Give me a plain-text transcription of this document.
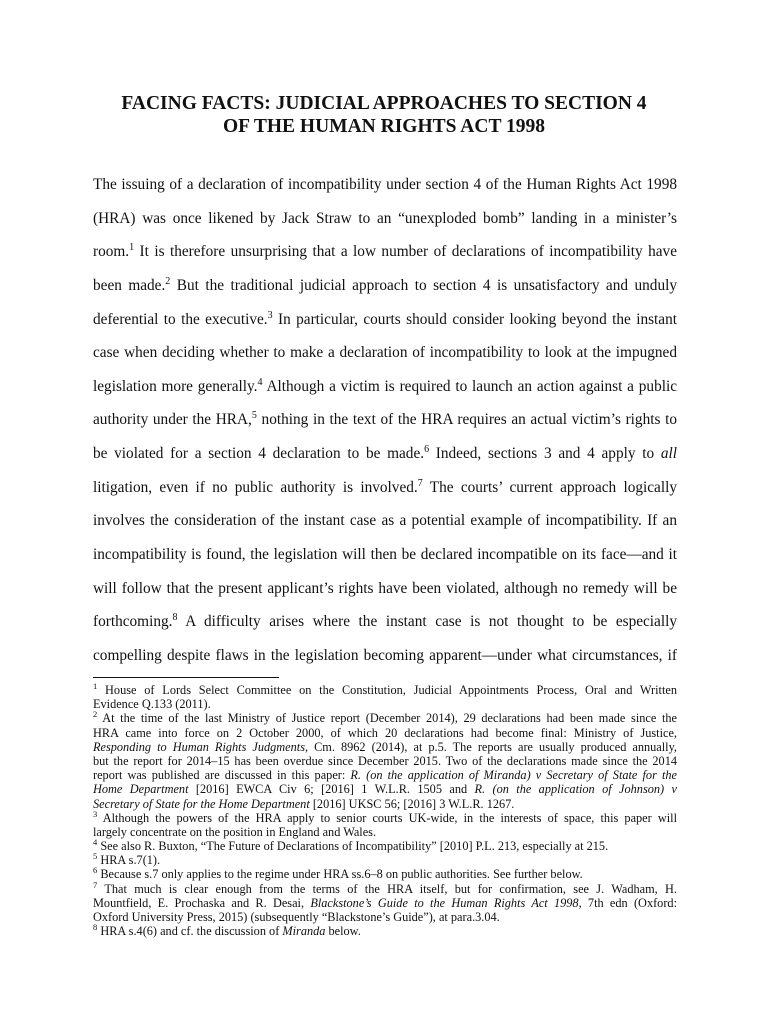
FACING FACTS: JUDICIAL APPROACHES TO SECTION 4
OF THE HUMAN RIGHTS ACT 1998
The issuing of a declaration of incompatibility under section 4 of the Human Rights Act 1998
(HRA) was once likened by Jack Straw to an “unexploded bomb” landing in a minister’s
room.$^1$ It is therefore unsurprising that a low number of declarations of incompatibility have
been made.$^2$ But the traditional judicial approach to section 4 is unsatisfactory and unduly
deferential to the executive.$^3$ In particular, courts should consider looking beyond the instant
case when deciding whether to make a declaration of incompatibility to look at the impugned
legislation more generally.$^4$ Although a victim is required to launch an action against a public
authority under the HRA,$^5$ nothing in the text of the HRA requires an actual victim’s rights to
be violated for a section 4 declaration to be made.$^6$ Indeed, sections 3 and 4 apply to all
litigation, even if no public authority is involved.$^7$ The courts’ current approach logically
involves the consideration of the instant case as a potential example of incompatibility. If an
incompatibility is found, the legislation will then be declared incompatible on its face—and it
will follow that the present applicant’s rights have been violated, although no remedy will be
forthcoming.$^8$ A difficulty arises where the instant case is not thought to be especially
compelling despite flaws in the legislation becoming apparent—under what circumstances, if
$^1$ House of Lords Select Committee on the Constitution, Judicial Appointments Process, Oral and Written
Evidence Q.133 (2011).
$^2$ At the time of the last Ministry of Justice report (December 2014), 29 declarations had been made since the
HRA came into force on 2 October 2000, of which 20 declarations had become final: Ministry of Justice,
Responding to Human Rights Judgments, Cm. 8962 (2014), at p.5. The reports are usually produced annually,
but the report for 2014–15 has been overdue since December 2015. Two of the declarations made since the 2014
report was published are discussed in this paper: R. (on the application of Miranda) v Secretary of State for the
Home Department [2016] EWCA Civ 6; [2016] 1 W.L.R. 1505 and R. (on the application of Johnson) v
Secretary of State for the Home Department [2016] UKSC 56; [2016] 3 W.L.R. 1267.
$^3$ Although the powers of the HRA apply to senior courts UK-wide, in the interests of space, this paper will
largely concentrate on the position in England and Wales.
$^4$ See also R. Buxton, “The Future of Declarations of Incompatibility” [2010] P.L. 213, especially at 215.
$^5$ HRA s.7(1).
$^6$ Because s.7 only applies to the regime under HRA ss.6–8 on public authorities. See further below.
$^7$ That much is clear enough from the terms of the HRA itself, but for confirmation, see J. Wadham, H.
Mountfield, E. Prochaska and R. Desai, Blackstone’s Guide to the Human Rights Act 1998, 7th edn (Oxford:
Oxford University Press, 2015) (subsequently “Blackstone’s Guide”), at para.3.04.
$^8$ HRA s.4(6) and cf. the discussion of Miranda below.
